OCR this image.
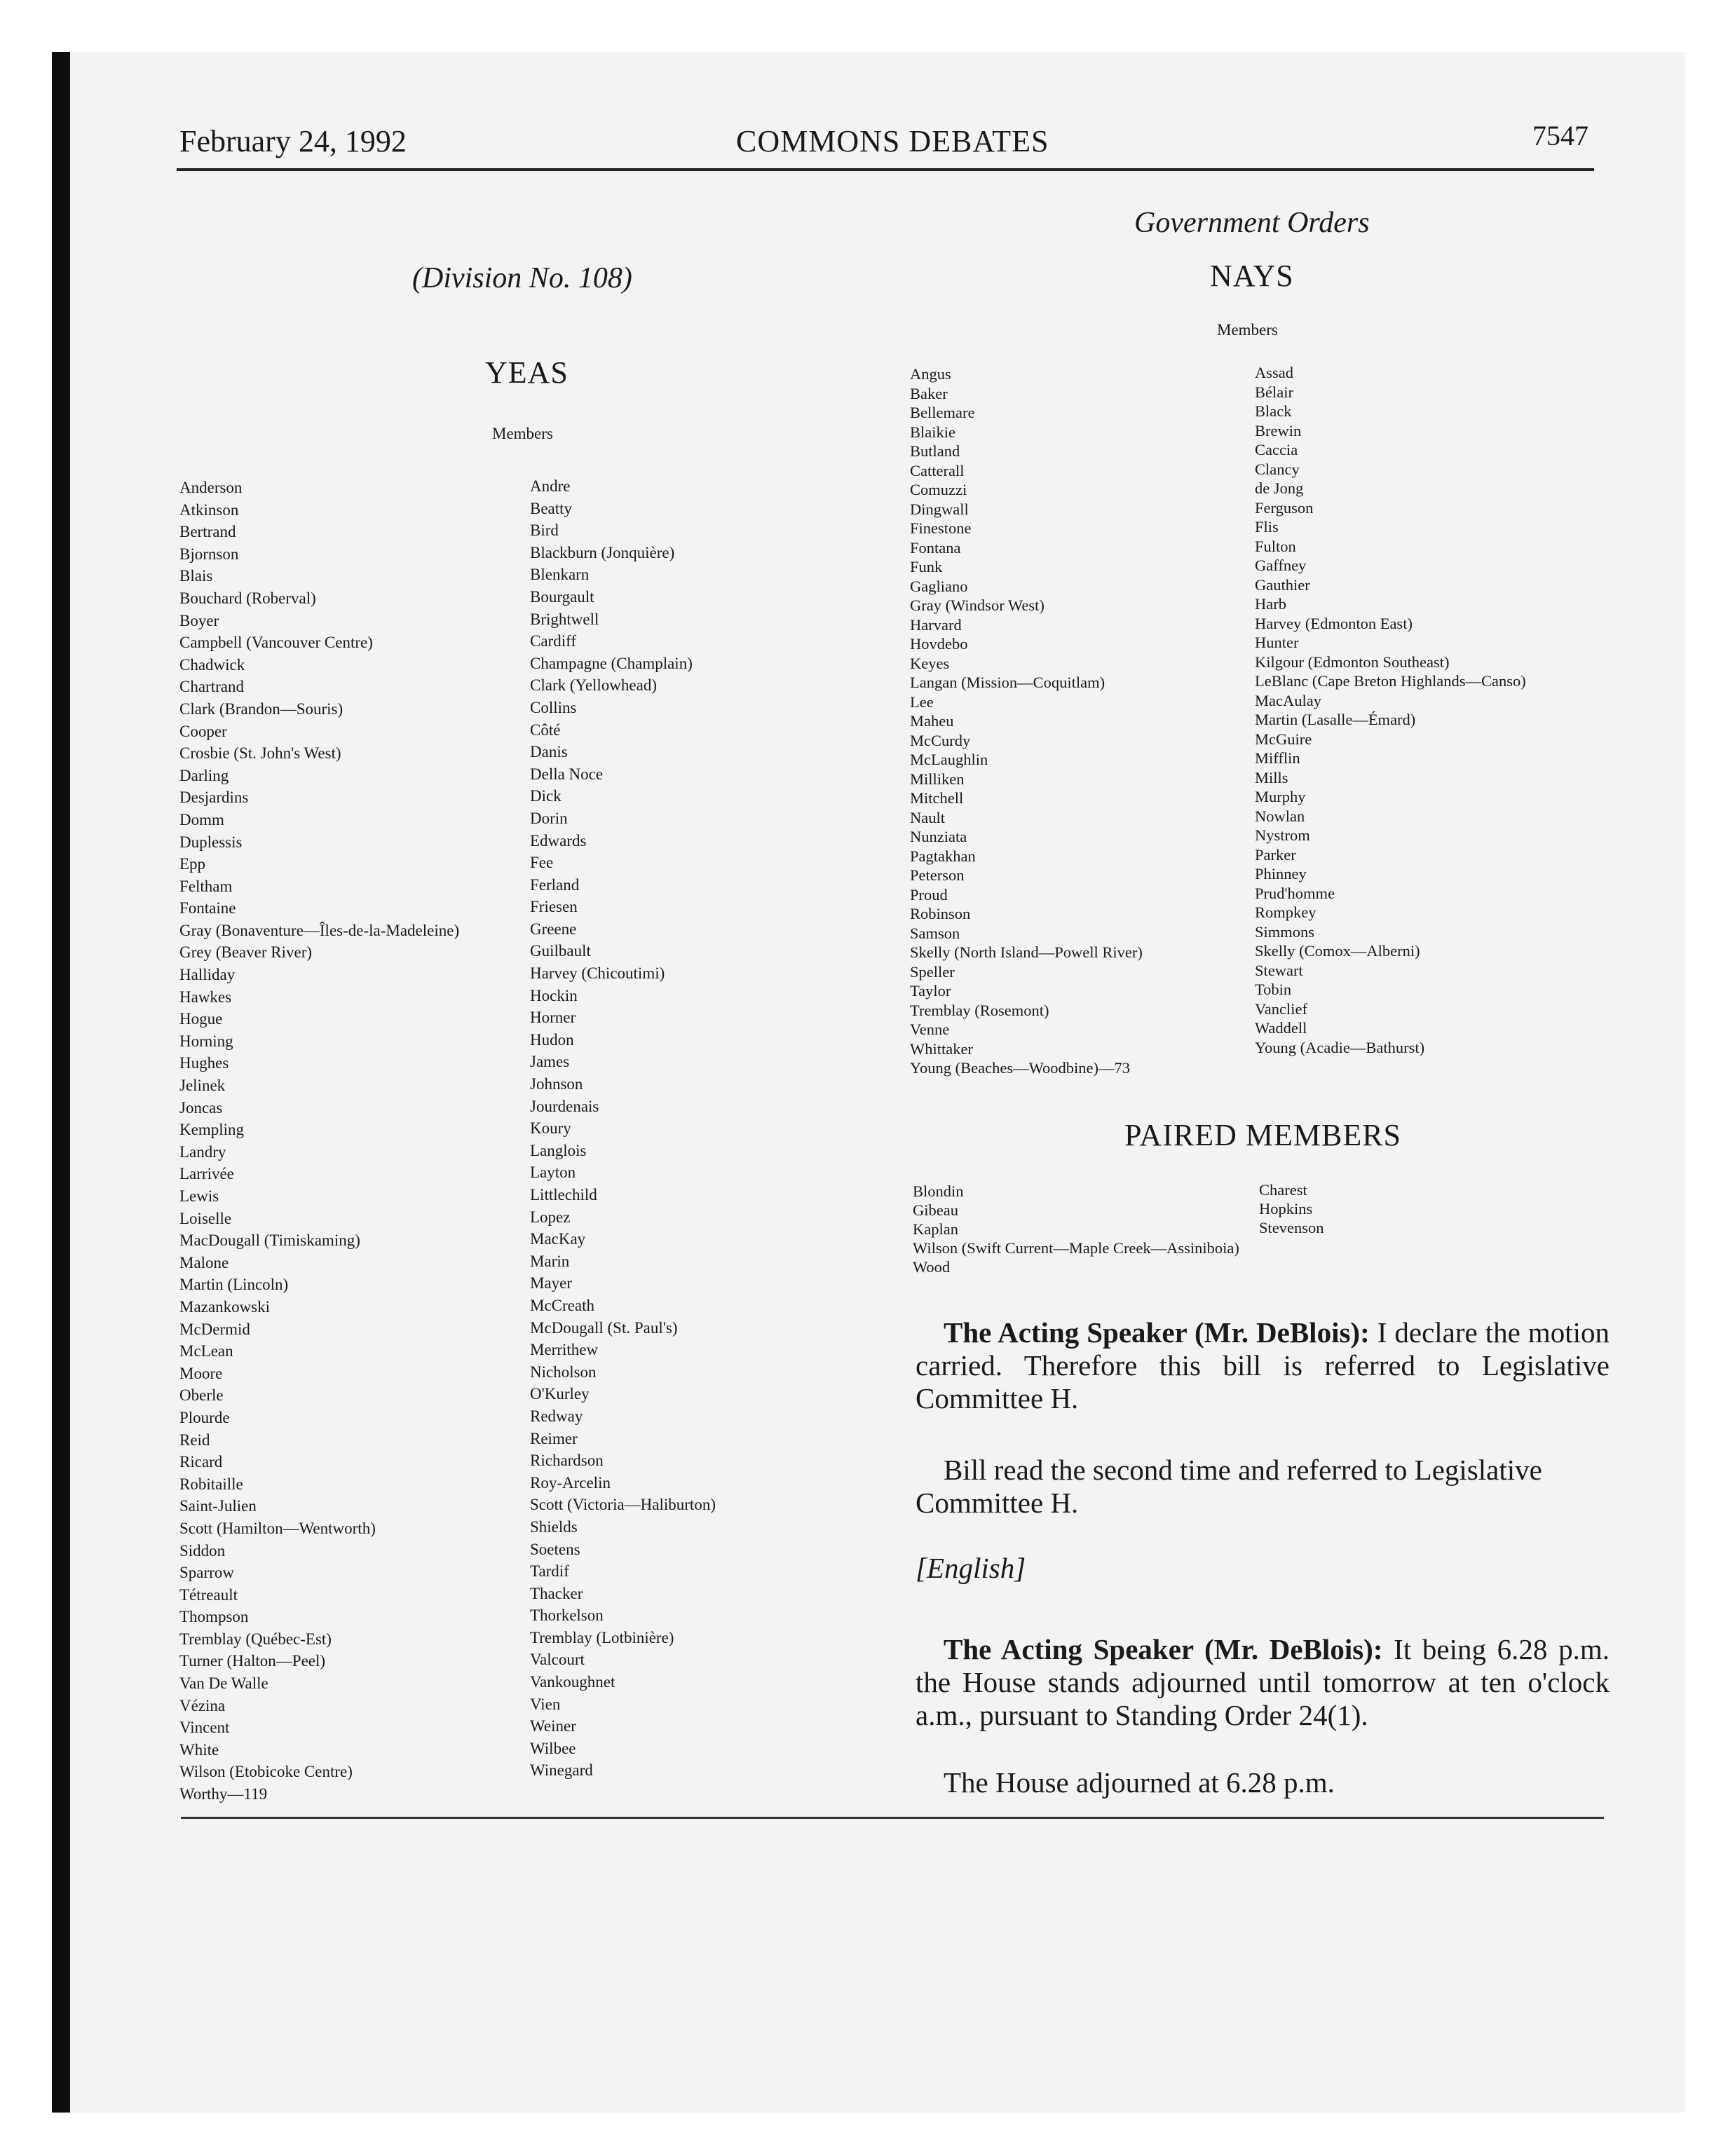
February 24, 1992	COMMONS DEBATES	7547
Government Orders
(Division No. 108)
YEAS
Members
Anderson
Atkinson
Bertrand
Bjornson
Blais
Bouchard (Roberval)
Boyer
Campbell (Vancouver Centre)
Chadwick
Chartrand
Clark (Brandon—Souris)
Cooper
Crosbie (St. John's West)
Darling
Desjardins
Domm
Duplessis
Epp
Feltham
Fontaine
Gray (Bonaventure—Îles-de-la-Madeleine)
Grey (Beaver River)
Halliday
Hawkes
Hogue
Horning
Hughes
Jelinek
Joncas
Kempling
Landry
Larrivée
Lewis
Loiselle
MacDougall (Timiskaming)
Malone
Martin (Lincoln)
Mazankowski
McDermid
McLean
Moore
Oberle
Plourde
Reid
Ricard
Robitaille
Saint-Julien
Scott (Hamilton—Wentworth)
Siddon
Sparrow
Tétreault
Thompson
Tremblay (Québec-Est)
Turner (Halton—Peel)
Van De Walle
Vézina
Vincent
White
Wilson (Etobicoke Centre)
Worthy—119
Andre
Beatty
Bird
Blackburn (Jonquière)
Blenkarn
Bourgault
Brightwell
Cardiff
Champagne (Champlain)
Clark (Yellowhead)
Collins
Côté
Danis
Della Noce
Dick
Dorin
Edwards
Fee
Ferland
Friesen
Greene
Guilbault
Harvey (Chicoutimi)
Hockin
Horner
Hudon
James
Johnson
Jourdenais
Koury
Langlois
Layton
Littlechild
Lopez
MacKay
Marin
Mayer
McCreath
McDougall (St. Paul's)
Merrithew
Nicholson
O'Kurley
Redway
Reimer
Richardson
Roy-Arcelin
Scott (Victoria—Haliburton)
Shields
Soetens
Tardif
Thacker
Thorkelson
Tremblay (Lotbinière)
Valcourt
Vankoughnet
Vien
Weiner
Wilbee
Winegard
NAYS
Members
Angus
Baker
Bellemare
Blaikie
Butland
Catterall
Comuzzi
Dingwall
Finestone
Fontana
Funk
Gagliano
Gray (Windsor West)
Harvard
Hovdebo
Keyes
Langan (Mission—Coquitlam)
Lee
Maheu
McCurdy
McLaughlin
Milliken
Mitchell
Nault
Nunziata
Pagtakhan
Peterson
Proud
Robinson
Samson
Skelly (North Island—Powell River)
Speller
Taylor
Tremblay (Rosemont)
Venne
Whittaker
Young (Beaches—Woodbine)—73
Assad
Bélair
Black
Brewin
Caccia
Clancy
de Jong
Ferguson
Flis
Fulton
Gaffney
Gauthier
Harb
Harvey (Edmonton East)
Hunter
Kilgour (Edmonton Southeast)
LeBlanc (Cape Breton Highlands—Canso)
MacAulay
Martin (Lasalle—Émard)
McGuire
Mifflin
Mills
Murphy
Nowlan
Nystrom
Parker
Phinney
Prud'homme
Rompkey
Simmons
Skelly (Comox—Alberni)
Stewart
Tobin
Vanclief
Waddell
Young (Acadie—Bathurst)
PAIRED MEMBERS
Blondin
Gibeau
Kaplan
Wilson (Swift Current—Maple Creek—Assiniboia)
Wood
Charest
Hopkins
Stevenson

The Acting Speaker (Mr. DeBlois): I declare the motion carried. Therefore this bill is referred to Legislative Committee H.

Bill read the second time and referred to Legislative Committee H.

[English]

The Acting Speaker (Mr. DeBlois): It being 6.28 p.m. the House stands adjourned until tomorrow at ten o'clock a.m., pursuant to Standing Order 24(1).

The House adjourned at 6.28 p.m.
